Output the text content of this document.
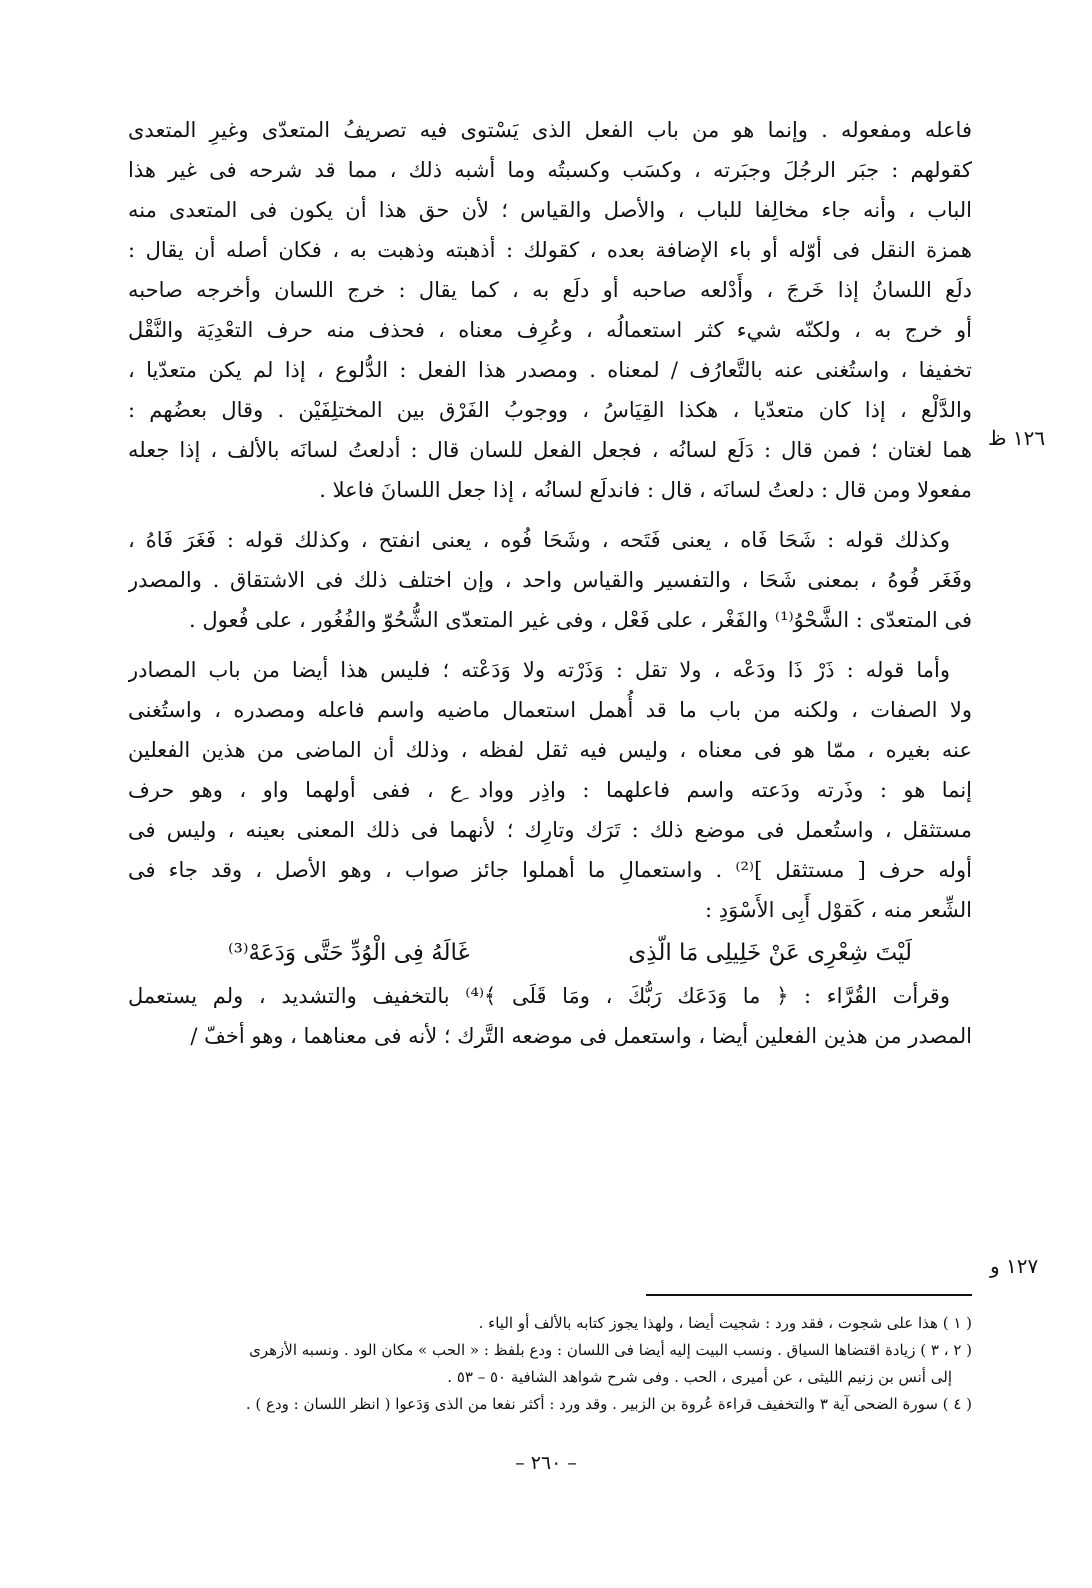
فاعله ومفعوله . وإنما هو من باب الفعل الذى يَسْتوى فيه تصريفُ المتعدّى وغيرِ المتعدى
كقولهم : جبَر الرجُلَ وجبَرته ، وكسَب وكسبتُه وما أشبه ذلك ، مما قد شرحه فى غير هذا
الباب ، وأنه جاء مخالِفا للباب ، والأصل والقياس ؛ لأن حق هذا أن يكون فى المتعدى منه
همزة النقل فى أوّله أو باء الإضافة بعده ، كقولك : أذهبته وذهبت به ، فكان أصله أن يقال :
دلَع اللسانُ إذا خَرجَ ، وأَدْلعه صاحبه أو دلَع به ، كما يقال : خرج اللسان وأخرجه صاحبه
أو خرج به ، ولكنّه شيء كثر استعمالُه ، وعُرِف معناه ، فحذف منه حرف التعْدِيَة والنَّقْل
تخفيفا ، واستُغنى عنه بالتَّعارُف / لمعناه . ومصدر هذا الفعل : الدُّلوع ، إذا لم يكن متعدّيا ،
والدَّلْع ، إذا كان متعدّيا ، هكذا القِيَاسُ ، ووجوبُ الفَرْق بين المختلِفَيْن . وقال بعضُهم :
هما لغتان ؛ فمن قال : دَلَع لسانُه ، فجعل الفعل للسان قال : أدلعتُ لسانَه بالألف ، إذا جعله
مفعولا ومن قال : دلعتُ لسانَه ، قال : فاندلَع لسانُه ، إذا جعل اللسانَ فاعلا .
وكذلك قوله : شَحَا فَاه ، يعنى فَتَحه ، وشَحَا فُوه ، يعنى انفتح ، وكذلك قوله : فَغَرَ فَاهُ ،
وفَغَر فُوهُ ، بمعنى شَحَا ، والتفسير والقياس واحد ، وإن اختلف ذلك فى الاشتقاق . والمصدر
فى المتعدّى : الشَّحْوُ⁽¹⁾ والفَغْر ، على فَعْل ، وفى غير المتعدّى الشُّحُوّ والفُغُور ، على فُعول .
وأما قوله : ذَرْ ذَا ودَعْه ، ولا تقل : وَذَرْته ولا وَدَعْته ؛ فليس هذا أيضا من باب المصادر
ولا الصفات ، ولكنه من باب ما قد أُهمل استعمال ماضيه واسم فاعله ومصدره ، واستُغنى
عنه بغيره ، ممّا هو فى معناه ، وليس فيه ثقل لفظه ، وذلك أن الماضى من هذين الفعلين
إنما هو : وذَرته ودَعته واسم فاعلهما : واذِر وواد ِع ، ففى أولهما واو ، وهو حرف
مستثقل ، واستُعمل فى موضع ذلك : تَرَك وتارِك ؛ لأنهما فى ذلك المعنى بعينه ، وليس فى
أوله حرف [ مستثقل ]⁽²⁾ . واستعمالِ ما أهملوا جائز صواب ، وهو الأصل ، وقد جاء فى
الشِّعر منه ، كَقوْل أَبِى الأَسْوَدِ :
لَيْتَ شِعْرِى عَنْ خَلِيلِى مَا الّذِى
غَالَهُ فِى الْوُدِّ حَتَّى وَدَعَهْ⁽³⁾
وقرأت القُرَّاء : ﴿ ما وَدَعَك رَبُّكَ ، ومَا قَلَى ﴾⁽⁴⁾ بالتخفيف والتشديد ، ولم يستعمل
المصدر من هذين الفعلين أيضا ، واستعمل فى موضعه التَّرك ؛ لأنه فى معناهما ، وهو أخفّ /
١٢٦ ظ
١٢٧ و
( ١ ) هذا على شجوت ، فقد ورد : شجيت أيضا ، ولهذا يجوز كتابه بالألف أو الياء .
( ٢ ، ٣ ) زيادة اقتضاها السياق . ونسب البيت إليه أيضا فى اللسان : ودع بلفظ : « الحب » مكان الود . ونسبه الأزهرى
إلى أنس بن زنيم الليثى ، عن أميرى ، الحب . وفى شرح شواهد الشافية ٥٠ – ٥٣ .
( ٤ ) سورة الضحى آية ٣ والتخفيف قراءة عُروة بن الزبير . وقد ورد : أكثر نفعا من الذى وَدَعوا ( انظر اللسان : ودع ) .
– ٢٦٠ –
